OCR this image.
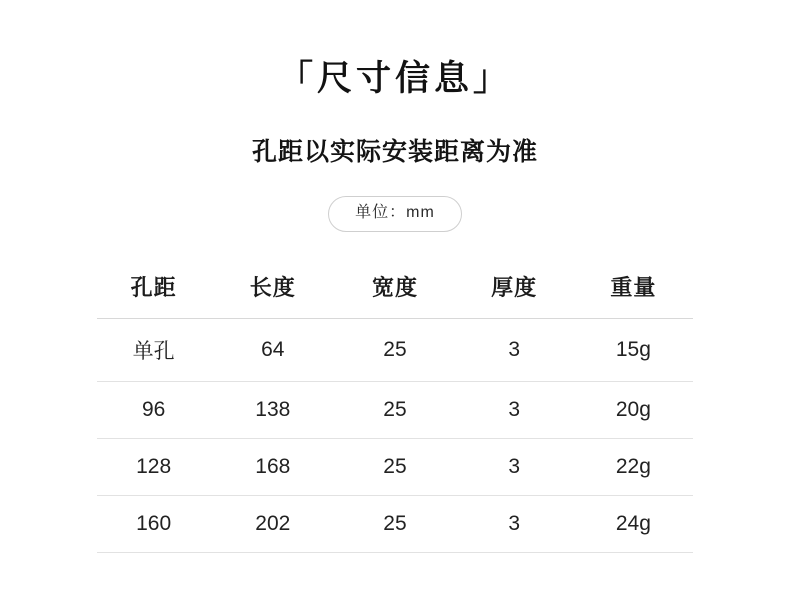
「尺寸信息」
孔距以实际安装距离为准
单位：mm
孔距	长度	宽度	厚度	重量
单孔	64	25	3	15g
96	138	25	3	20g
128	168	25	3	22g
160	202	25	3	24g
